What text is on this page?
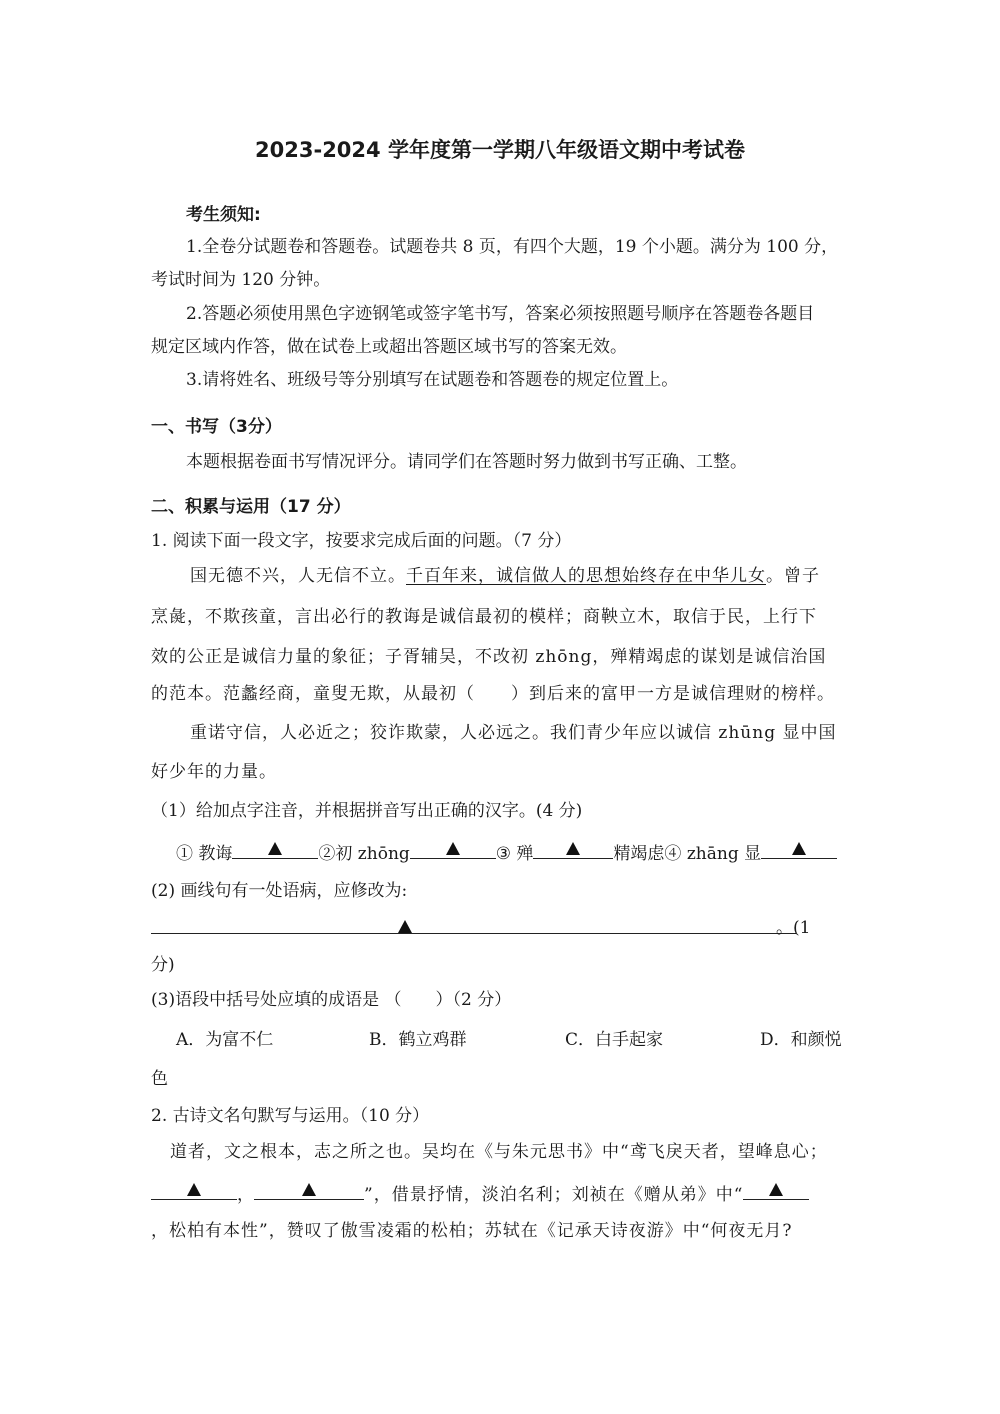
2023-2024 学年度第一学期八年级语文期中考试卷
考生须知:
1.全卷分试题卷和答题卷。试题卷共 8 页，有四个大题，19 个小题。满分为 100 分，
考试时间为 120 分钟。
2.答题必须使用黑色字迹钢笔或签字笔书写，答案必须按照题号顺序在答题卷各题目
规定区域内作答，做在试卷上或超出答题区域书写的答案无效。
3.请将姓名、班级号等分别填写在试题卷和答题卷的规定位置上。
一、书写（3分）
本题根据卷面书写情况评分。请同学们在答题时努力做到书写正确、工整。
二、积累与运用（17 分）
1. 阅读下面一段文字，按要求完成后面的问题。（7 分）
国无德不兴，人无信不立。千百年来，诚信做人的思想始终存在中华儿女。曾子
烹彘，不欺孩童，言出必行的教诲是诚信最初的模样；商鞅立木，取信于民，上行下
效的公正是诚信力量的象征；子胥辅吴，不改初 zhōng，殚精竭虑的谋划是诚信治国
的范本。范蠡经商，童叟无欺，从最初（　　）到后来的富甲一方是诚信理财的榜样。
重诺守信，人必近之；狡诈欺蒙，人必远之。我们青少年应以诚信 zhūng 显中国
好少年的力量。
（1）给加点字注音，并根据拼音写出正确的汉字。(4 分)
① 教诲	②初 zhōng	③ 殚	精竭虑④ zhāng 显
(2) 画线句有一处语病，应修改为:
。(1
分)
(3)语段中括号处应填的成语是 （　　）（2 分）
A．为富不仁	B．鹤立鸡群	C．白手起家	D．和颜悦
色
2. 古诗文名句默写与运用。（10 分）
道者，文之根本，志之所之也。吴均在《与朱元思书》中“鸢飞戾天者，望峰息心；
，	”，借景抒情，淡泊名利；刘祯在《赠从弟》中“
，松柏有本性”，赞叹了傲雪凌霜的松柏；苏轼在《记承天诗夜游》中“何夜无月?
